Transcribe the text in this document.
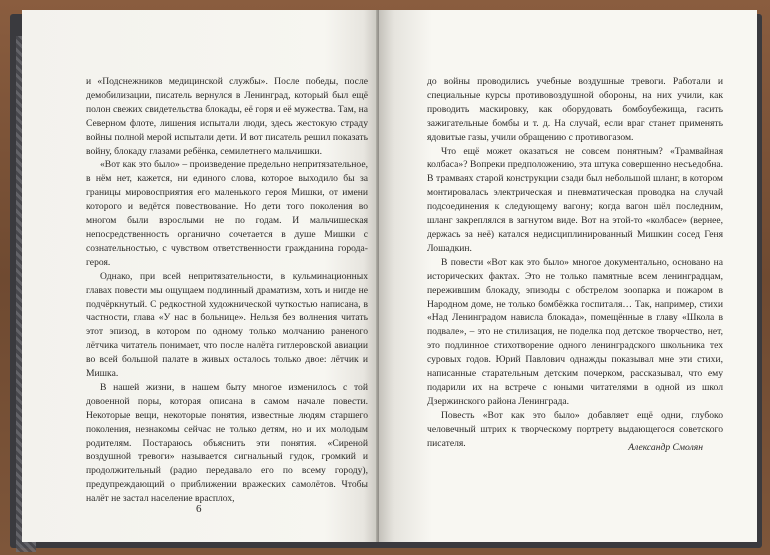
и «Подснежников медицинской службы». После победы, после демобилизации, писатель вернулся в Ленинград, который был ещё полон свежих свидетельства блокады, её горя и её мужества. Там, на Северном флоте, лишения испытали люди, здесь жестокую страду войны полной мерой испытали дети. И вот писатель решил показать войну, блокаду глазами ребёнка, семилетнего мальчишки.

«Вот как это было» – произведение предельно непритязательное, в нём нет, кажется, ни единого слова, которое выходило бы за границы мировосприятия его маленького героя Мишки, от имени которого и ведётся повествование. Но дети того поколения во многом были взрослыми не по годам. И мальчишеская непосредственность органично сочетается в душе Мишки с сознательностью, с чувством ответственности гражданина города-героя.

Однако, при всей непритязательности, в кульминационных главах повести мы ощущаем подлинный драматизм, хоть и нигде не подчёркнутый. С редкостной художнической чуткостью написана, в частности, глава «У нас в больнице». Нельзя без волнения читать этот эпизод, в котором по одному только молчанию раненого лётчика читатель понимает, что после налёта гитлеровской авиации во всей большой палате в живых осталось только двое: лётчик и Мишка.

В нашей жизни, в нашем быту многое изменилось с той довоенной поры, которая описана в самом начале повести. Некоторые вещи, некоторые понятия, известные людям старшего поколения, незнакомы сейчас не только детям, но и их молодым родителям. Постараюсь объяснить эти понятия. «Сиреной воздушной тревоги» называется сигнальный гудок, громкий и продолжительный (радио передавало его по всему городу), предупреждающий о приближении вражеских самолётов. Чтобы налёт не застал население врасплох,

6

до войны проводились учебные воздушные тревоги. Работали и специальные курсы противовоздушной обороны, на них учили, как проводить маскировку, как оборудовать бомбоубежища, гасить зажигательные бомбы и т. д. На случай, если враг станет применять ядовитые газы, учили обращению с противогазом.

Что ещё может оказаться не совсем понятным? «Трамвайная колбаса»? Вопреки предположению, эта штука совершенно несъедобна. В трамваях старой конструкции сзади был небольшой шланг, в котором монтировалась электрическая и пневматическая проводка на случай подсоединения к следующему вагону; когда вагон шёл последним, шланг закреплялся в загнутом виде. Вот на этой-то «колбасе» (вернее, держась за неё) катался недисциплинированный Мишкин сосед Геня Лошадкин.

В повести «Вот как это было» многое документально, основано на исторических фактах. Это не только памятные всем ленинградцам, пережившим блокаду, эпизоды с обстрелом зоопарка и пожаром в Народном доме, не только бомбёжка госпиталя… Так, например, стихи «Над Ленинградом нависла блокада», помещённые в главу «Школа в подвале», – это не стилизация, не поделка под детское творчество, нет, это подлинное стихотворение одного ленинградского школьника тех суровых годов. Юрий Павлович однажды показывал мне эти стихи, написанные старательным детским почерком, рассказывал, что ему подарили их на встрече с юными читателями в одной из школ Дзержинского района Ленинграда.

Повесть «Вот как это было» добавляет ещё одни, глубоко человечный штрих к творческому портрету выдающегося советского писателя.	Александр Смолян
